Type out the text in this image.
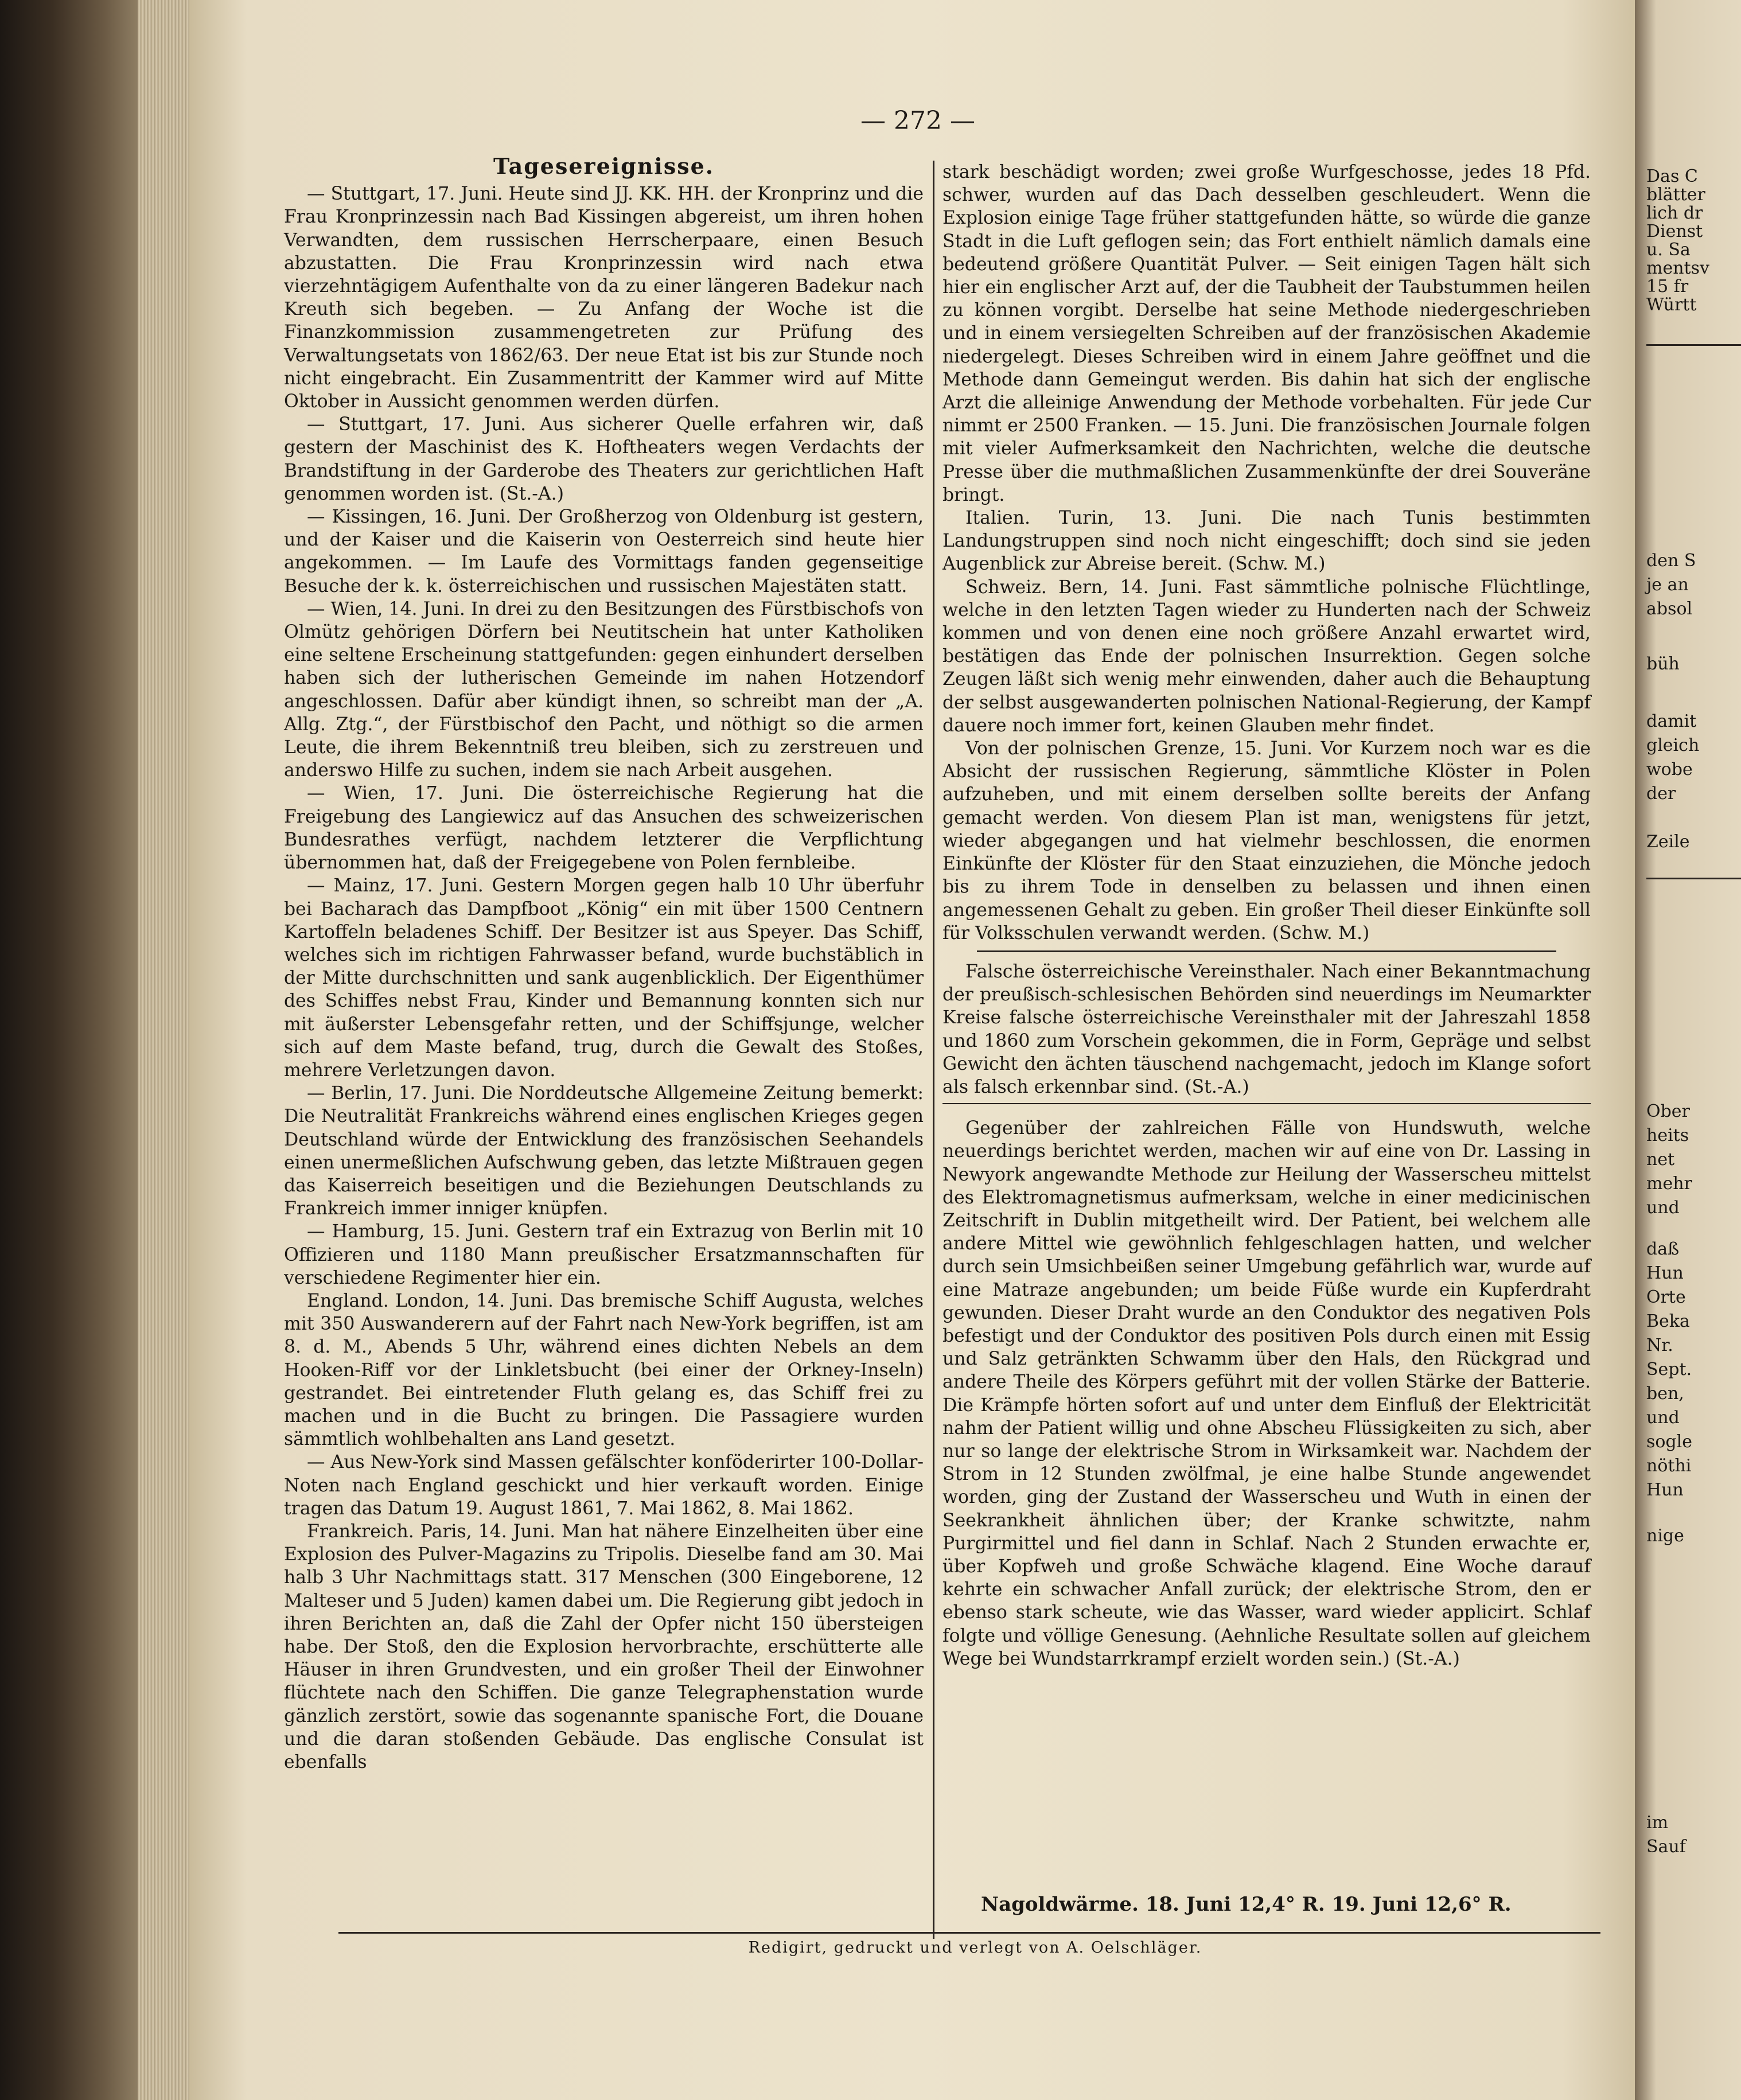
— 272 —

Tagesereignisse.

— Stuttgart, 17. Juni. Heute sind JJ. KK. HH. der Kronprinz und die Frau Kronprinzessin nach Bad Kissingen abgereist, um ihren hohen Verwandten, dem russischen Herrscherpaare, einen Besuch abzustatten. Die Frau Kronprinzessin wird nach etwa vierzehntägigem Aufenthalte von da zu einer längeren Badekur nach Kreuth sich begeben. — Zu Anfang der Woche ist die Finanzkommission zusammengetreten zur Prüfung des Verwaltungsetats von 1862/63. Der neue Etat ist bis zur Stunde noch nicht eingebracht. Ein Zusammentritt der Kammer wird auf Mitte Oktober in Aussicht genommen werden dürfen.

— Stuttgart, 17. Juni. Aus sicherer Quelle erfahren wir, daß gestern der Maschinist des K. Hoftheaters wegen Verdachts der Brandstiftung in der Garderobe des Theaters zur gerichtlichen Haft genommen worden ist. (St.-A.)

— Kissingen, 16. Juni. Der Großherzog von Oldenburg ist gestern, und der Kaiser und die Kaiserin von Oesterreich sind heute hier angekommen. — Im Laufe des Vormittags fanden gegenseitige Besuche der k. k. österreichischen und russischen Majestäten statt.

— Wien, 14. Juni. In drei zu den Besitzungen des Fürstbischofs von Olmütz gehörigen Dörfern bei Neutitschein hat unter Katholiken eine seltene Erscheinung stattgefunden: gegen einhundert derselben haben sich der lutherischen Gemeinde im nahen Hotzendorf angeschlossen. Dafür aber kündigt ihnen, so schreibt man der „A. Allg. Ztg.“, der Fürstbischof den Pacht, und nöthigt so die armen Leute, die ihrem Bekenntniß treu bleiben, sich zu zerstreuen und anderswo Hilfe zu suchen, indem sie nach Arbeit ausgehen.

— Wien, 17. Juni. Die österreichische Regierung hat die Freigebung des Langiewicz auf das Ansuchen des schweizerischen Bundesrathes verfügt, nachdem letzterer die Verpflichtung übernommen hat, daß der Freigegebene von Polen fernbleibe.

— Mainz, 17. Juni. Gestern Morgen gegen halb 10 Uhr überfuhr bei Bacharach das Dampfboot „König“ ein mit über 1500 Centnern Kartoffeln beladenes Schiff. Der Besitzer ist aus Speyer. Das Schiff, welches sich im richtigen Fahrwasser befand, wurde buchstäblich in der Mitte durchschnitten und sank augenblicklich. Der Eigenthümer des Schiffes nebst Frau, Kinder und Bemannung konnten sich nur mit äußerster Lebensgefahr retten, und der Schiffsjunge, welcher sich auf dem Maste befand, trug, durch die Gewalt des Stoßes, mehrere Verletzungen davon.

— Berlin, 17. Juni. Die Norddeutsche Allgemeine Zeitung bemerkt: Die Neutralität Frankreichs während eines englischen Krieges gegen Deutschland würde der Entwicklung des französischen Seehandels einen unermeßlichen Aufschwung geben, das letzte Mißtrauen gegen das Kaiserreich beseitigen und die Beziehungen Deutschlands zu Frankreich immer inniger knüpfen.

— Hamburg, 15. Juni. Gestern traf ein Extrazug von Berlin mit 10 Offizieren und 1180 Mann preußischer Ersatzmannschaften für verschiedene Regimenter hier ein.

England. London, 14. Juni. Das bremische Schiff Augusta, welches mit 350 Auswanderern auf der Fahrt nach New-York begriffen, ist am 8. d. M., Abends 5 Uhr, während eines dichten Nebels an dem Hooken-Riff vor der Linkletsbucht (bei einer der Orkney-Inseln) gestrandet. Bei eintretender Fluth gelang es, das Schiff frei zu machen und in die Bucht zu bringen. Die Passagiere wurden sämmtlich wohlbehalten ans Land gesetzt.

— Aus New-York sind Massen gefälschter konföderirter 100-Dollar-Noten nach England geschickt und hier verkauft worden. Einige tragen das Datum 19. August 1861, 7. Mai 1862, 8. Mai 1862.

Frankreich. Paris, 14. Juni. Man hat nähere Einzelheiten über eine Explosion des Pulver-Magazins zu Tripolis. Dieselbe fand am 30. Mai halb 3 Uhr Nachmittags statt. 317 Menschen (300 Eingeborene, 12 Malteser und 5 Juden) kamen dabei um. Die Regierung gibt jedoch in ihren Berichten an, daß die Zahl der Opfer nicht 150 übersteigen habe. Der Stoß, den die Explosion hervorbrachte, erschütterte alle Häuser in ihren Grundvesten, und ein großer Theil der Einwohner flüchtete nach den Schiffen. Die ganze Telegraphenstation wurde gänzlich zerstört, sowie das sogenannte spanische Fort, die Douane und die daran stoßenden Gebäude. Das englische Consulat ist ebenfalls

stark beschädigt worden; zwei große Wurfgeschosse, jedes 18 Pfd. schwer, wurden auf das Dach desselben geschleudert. Wenn die Explosion einige Tage früher stattgefunden hätte, so würde die ganze Stadt in die Luft geflogen sein; das Fort enthielt nämlich damals eine bedeutend größere Quantität Pulver. — Seit einigen Tagen hält sich hier ein englischer Arzt auf, der die Taubheit der Taubstummen heilen zu können vorgibt. Derselbe hat seine Methode niedergeschrieben und in einem versiegelten Schreiben auf der französischen Akademie niedergelegt. Dieses Schreiben wird in einem Jahre geöffnet und die Methode dann Gemeingut werden. Bis dahin hat sich der englische Arzt die alleinige Anwendung der Methode vorbehalten. Für jede Cur nimmt er 2500 Franken. — 15. Juni. Die französischen Journale folgen mit vieler Aufmerksamkeit den Nachrichten, welche die deutsche Presse über die muthmaßlichen Zusammenkünfte der drei Souveräne bringt.

Italien. Turin, 13. Juni. Die nach Tunis bestimmten Landungstruppen sind noch nicht eingeschifft; doch sind sie jeden Augenblick zur Abreise bereit. (Schw. M.)

Schweiz. Bern, 14. Juni. Fast sämmtliche polnische Flüchtlinge, welche in den letzten Tagen wieder zu Hunderten nach der Schweiz kommen und von denen eine noch größere Anzahl erwartet wird, bestätigen das Ende der polnischen Insurrektion. Gegen solche Zeugen läßt sich wenig mehr einwenden, daher auch die Behauptung der selbst ausgewanderten polnischen National-Regierung, der Kampf dauere noch immer fort, keinen Glauben mehr findet.

Von der polnischen Grenze, 15. Juni. Vor Kurzem noch war es die Absicht der russischen Regierung, sämmtliche Klöster in Polen aufzuheben, und mit einem derselben sollte bereits der Anfang gemacht werden. Von diesem Plan ist man, wenigstens für jetzt, wieder abgegangen und hat vielmehr beschlossen, die enormen Einkünfte der Klöster für den Staat einzuziehen, die Mönche jedoch bis zu ihrem Tode in denselben zu belassen und ihnen einen angemessenen Gehalt zu geben. Ein großer Theil dieser Einkünfte soll für Volksschulen verwandt werden. (Schw. M.)

Falsche österreichische Vereinsthaler. Nach einer Bekanntmachung der preußisch-schlesischen Behörden sind neuerdings im Neumarkter Kreise falsche österreichische Vereinsthaler mit der Jahreszahl 1858 und 1860 zum Vorschein gekommen, die in Form, Gepräge und selbst Gewicht den ächten täuschend nachgemacht, jedoch im Klange sofort als falsch erkennbar sind. (St.-A.)

Gegenüber der zahlreichen Fälle von Hundswuth, welche neuerdings berichtet werden, machen wir auf eine von Dr. Lassing in Newyork angewandte Methode zur Heilung der Wasserscheu mittelst des Elektromagnetismus aufmerksam, welche in einer medicinischen Zeitschrift in Dublin mitgetheilt wird. Der Patient, bei welchem alle andere Mittel wie gewöhnlich fehlgeschlagen hatten, und welcher durch sein Umsichbeißen seiner Umgebung gefährlich war, wurde auf eine Matraze angebunden; um beide Füße wurde ein Kupferdraht gewunden. Dieser Draht wurde an den Conduktor des negativen Pols befestigt und der Conduktor des positiven Pols durch einen mit Essig und Salz getränkten Schwamm über den Hals, den Rückgrad und andere Theile des Körpers geführt mit der vollen Stärke der Batterie. Die Krämpfe hörten sofort auf und unter dem Einfluß der Elektricität nahm der Patient willig und ohne Abscheu Flüssigkeiten zu sich, aber nur so lange der elektrische Strom in Wirksamkeit war. Nachdem der Strom in 12 Stunden zwölfmal, je eine halbe Stunde angewendet worden, ging der Zustand der Wasserscheu und Wuth in einen der Seekrankheit ähnlichen über; der Kranke schwitzte, nahm Purgirmittel und fiel dann in Schlaf. Nach 2 Stunden erwachte er, über Kopfweh und große Schwäche klagend. Eine Woche darauf kehrte ein schwacher Anfall zurück; der elektrische Strom, den er ebenso stark scheute, wie das Wasser, ward wieder applicirt. Schlaf folgte und völlige Genesung. (Aehnliche Resultate sollen auf gleichem Wege bei Wundstarrkrampf erzielt worden sein.) (St.-A.)

Nagoldwärme. 18. Juni 12,4° R. 19. Juni 12,6° R.
Redigirt, gedruckt und verlegt von A. Oelschläger.
Das C
blätter
lich dr
Dienst
u. Sa
mentsv
15 fr
Württ
den S
je an
absol
büh
damit
gleich
wobe
der
Zeile
Ober
heits
net
mehr
und
daß
Hun
Orte
Beka
Nr.
Sept.
ben,
und
sogle
nöthi
Hun
nige
im
Sauf
